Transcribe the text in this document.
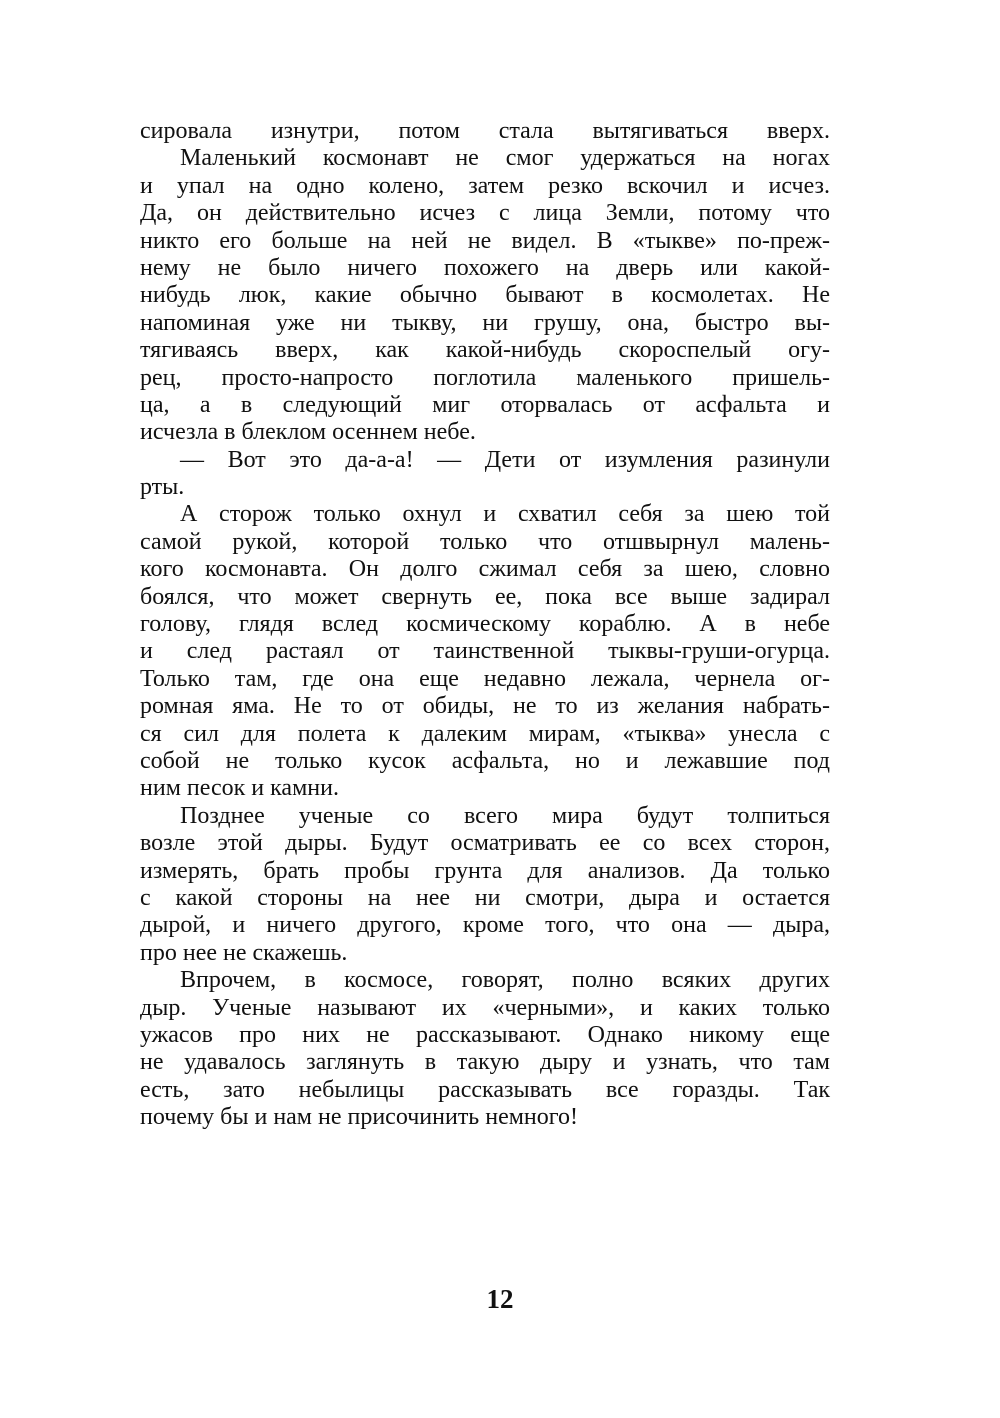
сировала изнутри, потом стала вытягиваться вверх.
Маленький космонавт не смог удержаться на ногах
и упал на одно колено, затем резко вскочил и исчез.
Да, он действительно исчез с лица Земли, потому что
никто его больше на ней не видел. В «тыкве» по-преж-
нему не было ничего похожего на дверь или какой-
нибудь люк, какие обычно бывают в космолетах. Не
напоминая уже ни тыкву, ни грушу, она, быстро вы-
тягиваясь вверх, как какой-нибудь скороспелый огу-
рец, просто-напросто поглотила маленького пришель-
ца, а в следующий миг оторвалась от асфальта и
исчезла в блеклом осеннем небе.
— Вот это да-а-а! — Дети от изумления разинули
рты.
А сторож только охнул и схватил себя за шею той
самой рукой, которой только что отшвырнул малень-
кого космонавта. Он долго сжимал себя за шею, словно
боялся, что может свернуть ее, пока все выше задирал
голову, глядя вслед космическому кораблю. А в небе
и след растаял от таинственной тыквы-груши-огурца.
Только там, где она еще недавно лежала, чернела ог-
ромная яма. Не то от обиды, не то из желания набрать-
ся сил для полета к далеким мирам, «тыква» унесла с
собой не только кусок асфальта, но и лежавшие под
ним песок и камни.
Позднее ученые со всего мира будут толпиться
возле этой дыры. Будут осматривать ее со всех сторон,
измерять, брать пробы грунта для анализов. Да только
с какой стороны на нее ни смотри, дыра и остается
дырой, и ничего другого, кроме того, что она — дыра,
про нее не скажешь.
Впрочем, в космосе, говорят, полно всяких других
дыр. Ученые называют их «черными», и каких только
ужасов про них не рассказывают. Однако никому еще
не удавалось заглянуть в такую дыру и узнать, что там
есть, зато небылицы рассказывать все горазды. Так
почему бы и нам не присочинить немного!
12
